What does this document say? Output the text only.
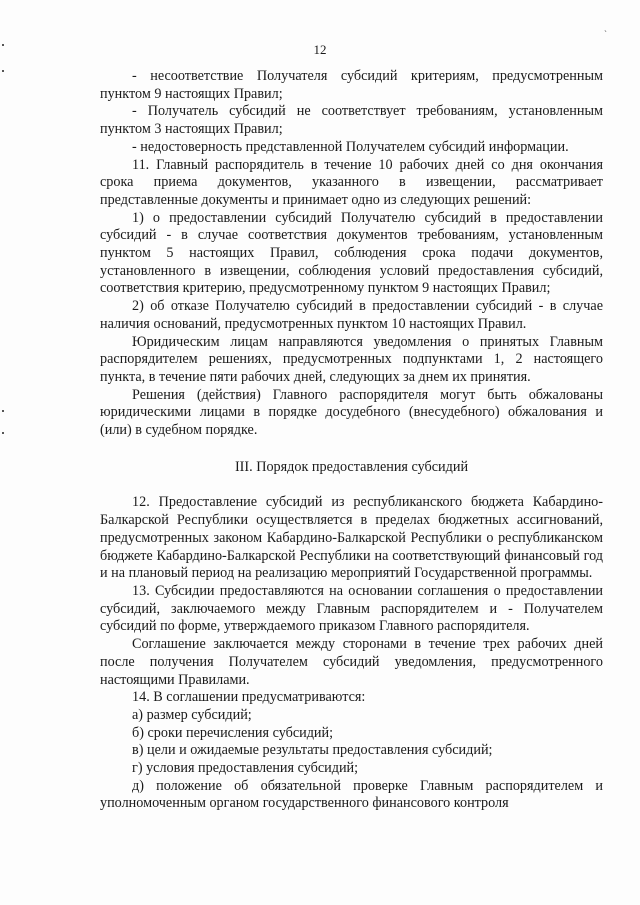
ˎ
12

- несоответствие Получателя субсидий критериям, предусмотренным пунктом 9 настоящих Правил;

- Получатель субсидий не соответствует требованиям, установленным пунктом 3 настоящих Правил;

- недостоверность представленной Получателем субсидий информации.

11. Главный распорядитель в течение 10 рабочих дней со дня окончания срока приема документов, указанного в извещении, рассматривает представленные документы и принимает одно из следующих решений:

1) о предоставлении субсидий Получателю субсидий в предоставлении субсидий - в случае соответствия документов требованиям, установленным пунктом 5 настоящих Правил, соблюдения срока подачи документов, установленного в извещении, соблюдения условий предоставления субсидий, соответствия критерию, предусмотренному пунктом 9 настоящих Правил;

2) об отказе Получателю субсидий в предоставлении субсидий - в случае наличия оснований, предусмотренных пунктом 10 настоящих Правил.

Юридическим лицам направляются уведомления о принятых Главным распорядителем решениях, предусмотренных подпунктами 1, 2 настоящего пункта, в течение пяти рабочих дней, следующих за днем их принятия.

Решения (действия) Главного распорядителя могут быть обжалованы юридическими лицами в порядке досудебного (внесудебного) обжалования и (или) в судебном порядке.

III. Порядок предоставления субсидий

12. Предоставление субсидий из республиканского бюджета Кабардино-Балкарской Республики осуществляется в пределах бюджетных ассигнований, предусмотренных законом Кабардино-Балкарской Республики о республиканском бюджете Кабардино-Балкарской Республики на соответствующий финансовый год и на плановый период на реализацию мероприятий Государственной программы.

13. Субсидии предоставляются на основании соглашения о предоставлении субсидий, заключаемого между Главным распорядителем и - Получателем субсидий по форме, утверждаемого приказом Главного распорядителя.

Соглашение заключается между сторонами в течение трех рабочих дней после получения Получателем субсидий уведомления, предусмотренного настоящими Правилами.

14. В соглашении предусматриваются:

а) размер субсидий;

б) сроки перечисления субсидий;

в) цели и ожидаемые результаты предоставления субсидий;

г) условия предоставления субсидий;

д) положение об обязательной проверке Главным распорядителем и уполномоченным органом государственного финансового контроля
